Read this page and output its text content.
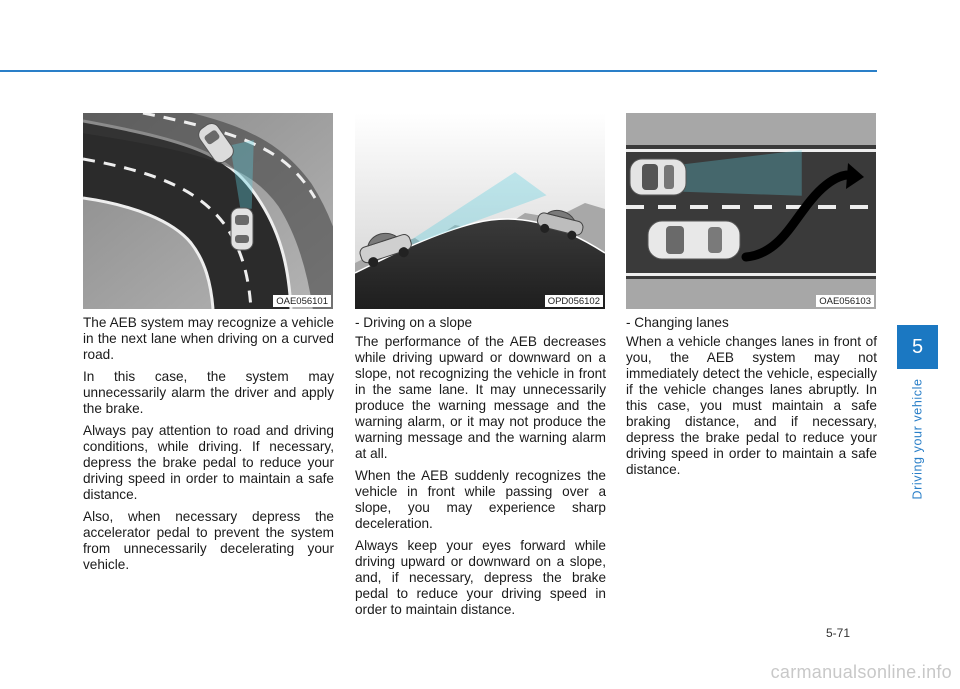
5
Driving your vehicle
OAE056101	OPD056102	OAE056103

The AEB system may recognize a vehicle in the next lane when driving on a curved road.

In this case, the system may unnecessarily alarm the driver and apply the brake.

Always pay attention to road and driving conditions, while driving. If necessary, depress the brake pedal to reduce your driving speed in order to maintain a safe distance.

Also, when necessary depress the accelerator pedal to prevent the system from unnecessarily decelerating your vehicle.

- Driving on a slope

The performance of the AEB decreases while driving upward or downward on a slope, not recognizing the vehicle in front in the same lane. It may unnecessarily produce the warning message and the warning alarm, or it may not produce the warning message and the warning alarm at all.

When the AEB suddenly recognizes the vehicle in front while passing over a slope, you may experience sharp deceleration.

Always keep your eyes forward while driving upward or downward on a slope, and, if necessary, depress the brake pedal to reduce your driving speed in order to maintain distance.

- Changing lanes

When a vehicle changes lanes in front of you, the AEB system may not immediately detect the vehicle, especially if the vehicle changes lanes abruptly. In this case, you must maintain a safe braking distance, and if necessary, depress the brake pedal to reduce your driving speed in order to maintain a safe distance.

5-71
carmanualsonline.info
